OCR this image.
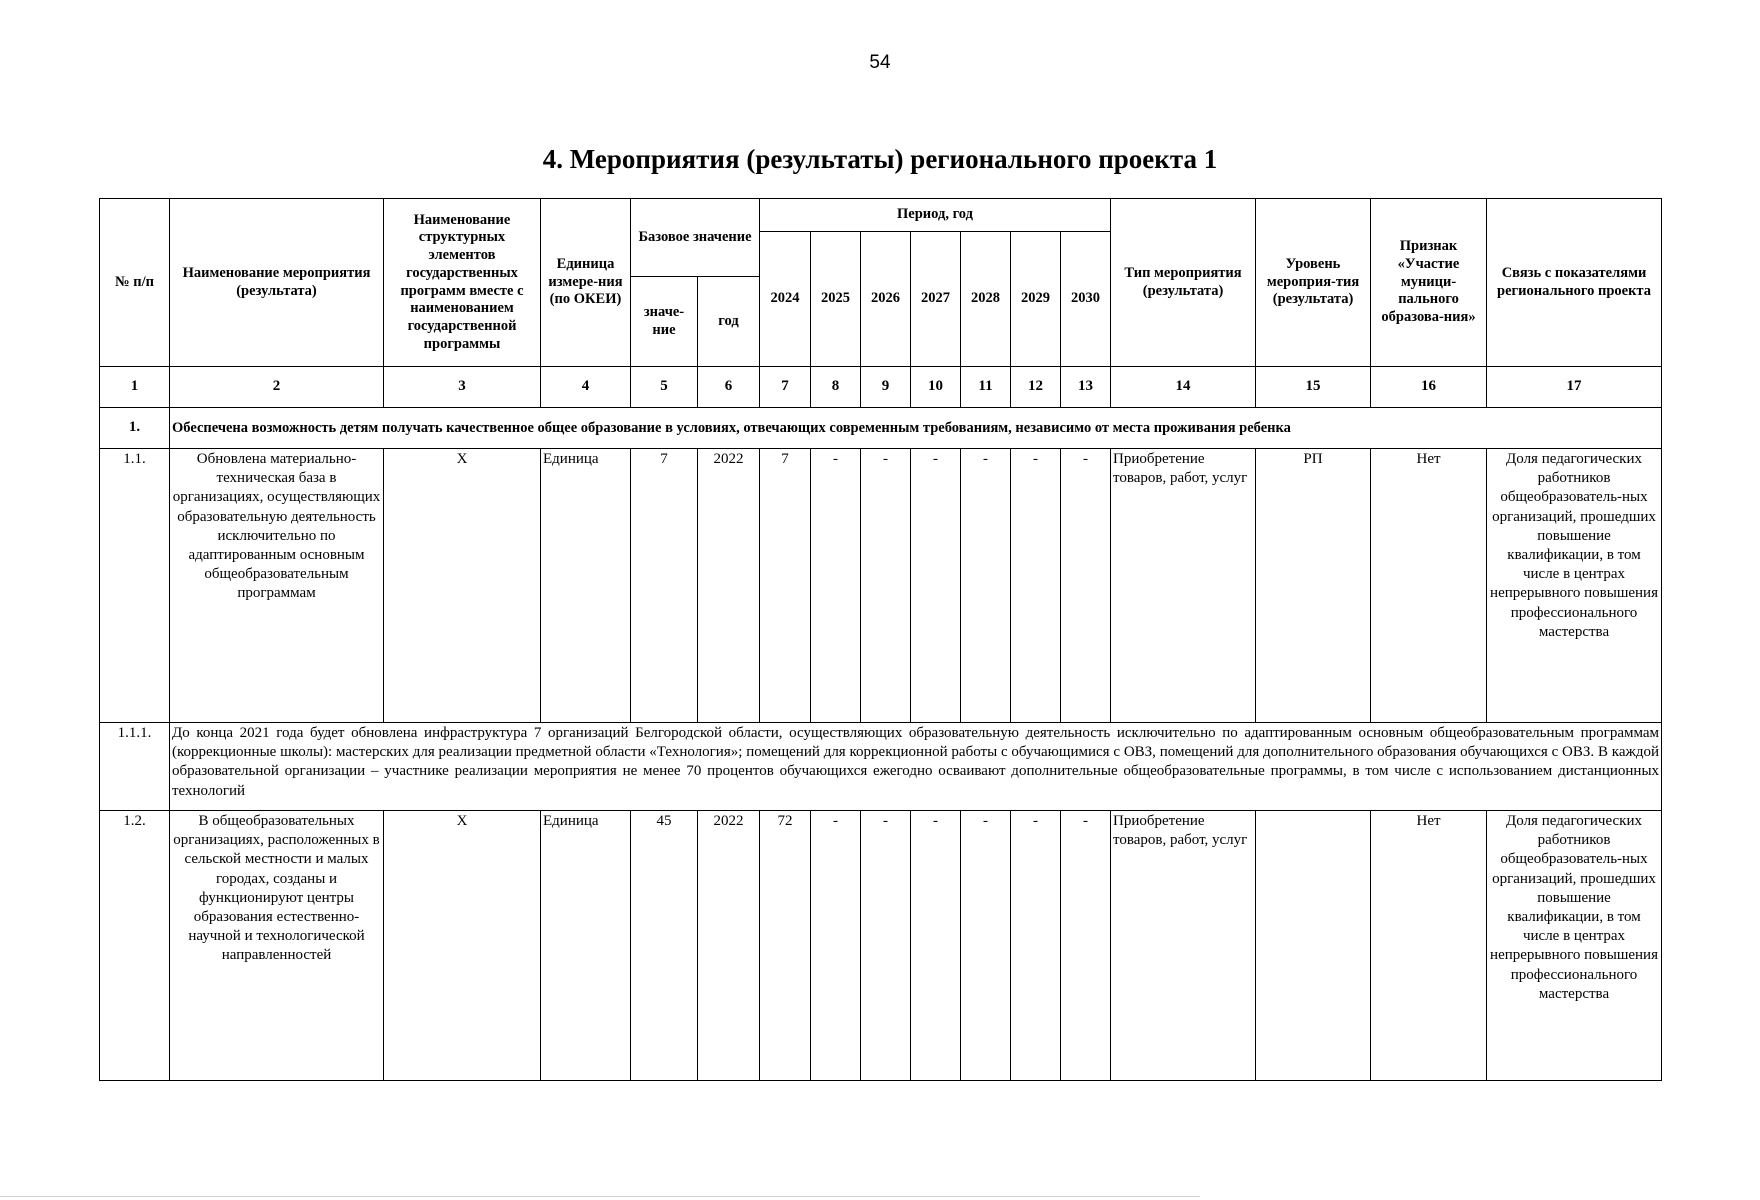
54
4. Мероприятия (результаты) регионального проекта 1
№ п/п	Наименование мероприятия (результата)	Наименование структурных элементов государственных программ вместе с наименованием государственной программы	Единица измере-ния (по ОКЕИ)	Базовое значение		Период, год							Тип мероприятия (результата)	Уровень мероприя-тия (результата)	Признак «Участие муници-пального образова-ния»	Связь с показателями регионального проекта
						2024	2025	2026	2027	2028	2029	2030				
				значе-ние	год											
1	2	3	4	5	6	7	8	9	10	11	12	13	14	15	16	17
1.	Обеспечена возможность детям получать качественное общее образование в условиях, отвечающих современным требованиям, независимо от места проживания ребенка															
1.1.	Обновлена материально-техническая база в организациях, осуществляющих образовательную деятельность исключительно по адаптированным основным общеобразовательным программам	X	Единица	7	2022	7	-	-	-	-	-	-	Приобретение товаров, работ, услуг	РП	Нет	Доля педагогических работников общеобразователь-ных организаций, прошедших повышение квалификации, в том числе в центрах непрерывного повышения профессионального мастерства
1.1.1.	До конца 2021 года будет обновлена инфраструктура 7 организаций Белгородской области, осуществляющих образовательную деятельность исключительно по адаптированным основным общеобразовательным программам (коррекционные школы): мастерских для реализации предметной области «Технология»; помещений для коррекционной работы с обучающимися с ОВЗ, помещений для дополнительного образования обучающихся с ОВЗ. В каждой образовательной организации – участнике реализации мероприятия не менее 70 процентов обучающихся ежегодно осваивают дополнительные общеобразовательные программы, в том числе с использованием дистанционных технологий															
1.2.	В общеобразовательных организациях, расположенных в сельской местности и малых городах, созданы и функционируют центры образования естественно-научной и технологической направленностей	X	Единица	45	2022	72	-	-	-	-	-	-	Приобретение товаров, работ, услуг		Нет	Доля педагогических работников общеобразователь-ных организаций, прошедших повышение квалификации, в том числе в центрах непрерывного повышения профессионального мастерства
